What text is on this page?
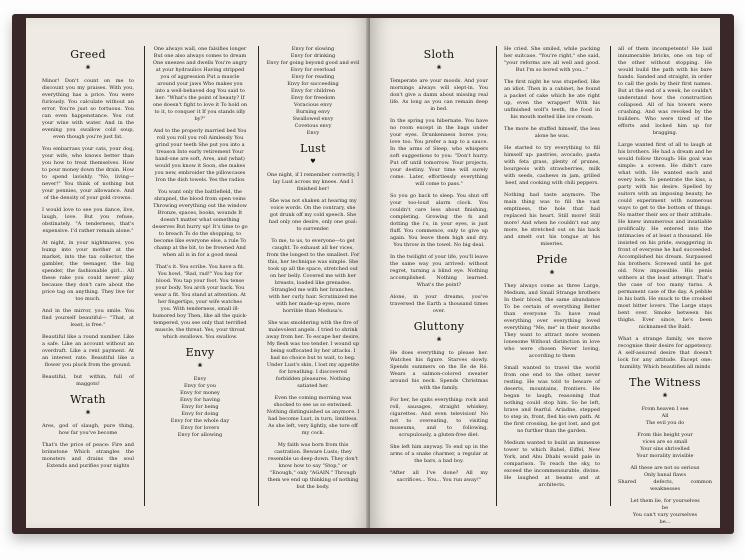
Greed
❀

Minor! Don't count on me to discount you my praises. With you, everything has a price. You were furiously. You calculate without an error. You're just so tortuous. You can even happenstance. You cut your wine with water. And in the evening you swallow cold soup, even though you're just fat.

You embarrass your cats, your dog, your wife, who knows better than you how to treat themselves. How to pour money down the drain. How to spend lavishly. "No, living—never!" You think of nothing but your pennies, your allowance. And of the density of your gold crowns.

I would love to see you dance, live, laugh, love. But you refuse, obstinately. "A tenderness, that's expensive. I'd rather remain alone."

At night, in your nightmares, you bump into your mother at the market, into the tax collector, the gambler, the teenager, the big spender, the fashionable girl... All these rake you could never play because they don't care about the price tag on anything. They live for too much.

And in the mirror, you smile. You find yourself beautiful— "That, at least, is free."

Beautiful like a round number. Like a safe. Like an account without an overdraft. Like a rent payment. At an interest rate. Beautiful like a flower you pluck from the ground.

Beautiful, but within, full of maggots!

Wrath
❀

Ares, god of slaugh, pure thing, how far you've become

That's the price of peace: Fire and brimstone Which strangles the monsters and drains the soul Extends and purifies your nights

One always wall, one falsifies longer But one also always comes to dream One sneezes and dwells You're angry at your hydraulics Having stripped you of aggression Put a muscle around your jaws Who makes you into a well-behaved dog You said to her: "What's the point of beauty? If one doesn't fight to love it To hold on to it, to conquer it If you stands idly by?"

And to the properly married bed You roll you roll you roll Aimlessly You grind your teeth She put you into a treason Into early retirement Your hand-one are soft, Ares, and (what) would you know it Soon, she makes you new, embroider the pillowcases Iron the dish towels. Yes the radios

You want only the battlefield, the shrapnel, the blood from open veins Throwing everything out the window Bronze, spaces, books, wounds It doesn't matter what something deserves But hurry up! It's time to go to breach To do the shopping, to become like everyone else, a rule To champ at the bit, to be frowned And when all is in for a good meal

That's it. You scribe. You have a fit. You howl, "Rad, rad!" You bay for blood. You tap your foot. You tense your body. You arch your back. You wear a fit. You stand at attention. At her fingertips, your wife watches you. With tenderness, small ill-humored boy Then, like all the quick-tempered, you see only that terrified muscle, the threat. Yes, your throat which swallows. You swallow.

Envy
❀

Envy
Envy for you
Envy for money
Envy for having
Envy for being
Envy for doing
Envy for the whole day
Envy for lovers
Envy for allowing

Envy for slowing
Envy for drinking
Envy for going beyond good and evil
Envy for overload
Envy for reading
Envy for succeeding
Envy for children
Envy for freedom
Voracious envy
Burning envy
Swallowed envy
Covetous envy
Envy

Lust
♥

One night, if I remember correctly, I lay Lust across my knees. And I finished her!

She was not shaken at hearing my voice words. On the contrary, she got drunk off my cold speech. She had only one desire, only one goal: to surrender.

To me, to us, to everyone—to get caught. To exhaust all her vices, from the longest to the smallest. For this, her technique was simple. She took up all the space, stretched out on her belly. Covered me with her breasts, loaded like grenades. Strangled me with her branches, with her curly hair. Scrutinized me with her made-up eyes, more horrible than Medusa's.

She was smoldering with the fire of malevolent angels. I tried to shrink away from her. To escape her desire. My flesh was too tender. I wound up being suffocated by her attacks. I had no choice but to wait, to beg. Under Lust's skin, I lost my appetite for breathing. I discovered forbidden pleasures. Nothing satiated her.

Even the coming morning was shocked to see us so entwined. Nothing distinguished us anymore. I had become Lust, in turn, limitless. As she left, very lightly, she tore off my cock.

My faith was born from this castration. Beware Lusts; they resemble us deep down. They don't know how to say "Stop," or "Enough," only "AGAIN." Through them we end up thinking of nothing but the body.

Sloth
❀

Temperate are your moods. And your mornings always will slept-in. You don't give a damn about missing real life. As long as you can remain deep in bed.

In the spring you hibernate. You have no room except in the bags under your eyes. Drunkenness bores you; love too. You prefer a nap to a sauce. In the arms of Sleep, who whispers soft suggestions to you: "Don't hurry. Put off until tomorrow. Your projects, your destiny. Your time will surely come. Later, effortlessly everything will come to pass."

So you go back to sleep. You shut off your too-loud alarm clock. You couldn't care less about finishing, completing. Growing the fs and dotting the i's, in your eyes, is just fluff. You commence, only to give up again. You leave them high and dry. You throw in the towel. No big deal.

In the twilight of your life, you'll leave the same way you arrived: without regret, turning a blind eye. Nothing accomplished. Nothing learned. What's the point?

Alone, in your dreams, you've traversed the Earth a thousand times over.

Gluttony
❀

He does everything to please her. Watches his figure. Starves slowly. Spends summers on the Ile de Ré. Wears a salmon-colored sweater around his neck. Spends Christmas with the family.

For her, he quits everything: rock and roll, sausages, straight whiskey, cigarettes. And even television! No not to overeating, to visiting museums, and to following, scrupulously, a gluten-free diet.

She left him anyway. To end up in the arms of a snake charmer, a regular at the bars, a bad boy.

"After all I've done? All my sacrifices... You... You run away!"

He cried. She smiled, while packing her suitcase. "You're right," she said, "your reforms are all well and good. But I'm so bored with you..."

The first night he was stupefied, like an idiot. Then in a cabinet, he found a packet of cake which he ate right up, even the wrapper! With his unfinished wolf's teeth, the food in his mouth melted like ice cream.

The more he stuffed himself, the less alone he was.

He started to try everything to fill himself up: pastries, avocado, pasta with feta grass, plenty of prunes, bourgeois with strawberries, milk with seeds, cashews in jam, grilled beef, and cooking with chili peppers.

Nothing had taste anymore. The main thing was to fill the vast emptiness, the hole that had replaced his heart. Still more! Still more! And when he couldn't eat any more, he stretched out on his back and smelt out his tongue at his miseries.

Pride
❀

They always come as three Large, Medium, and Small Strange brothers In their blood, the same abundance To be certain of everything Better than everyone To have read everything over everything loved everything "Me, me" in their mouths They want to attract more women lonesome Without distinction in love who were chosen Never loving, according to them

Small wanted to travel the world from one end to the other, never resting. He was told to beware of deserts, mountains, frontiers. He began to laugh, reasoning that nothing could stop him. So he left, brave and fearful. Ariadne, stepped to step in, front, fled his own path. At the first crossing, he got lost, and got no further than the garden.

Medium wanted to build an immense tower to which Babel, Eiffel, New York, and Abu Dhabi would pale in comparison. To reach the sky, to exceed the incommensurable, divine. He laughed at beams and at architects.

all of them incompetents! He laid innumerable bricks, one on top of the other without stopping. He would build the path with his bare hands. Sanded and straight, in order to call the gods by their first names. But at the end of a week, he couldn't understand how the construction collapsed. All of his towers were crushing. And was revoked by the builders. Who were tired of the efforts and locked him up for bragging.

Large wanted first of all to laugh at his brothers. He had a dream and he would follow through: His goal was simple: a screen. He didn't care what with. He wanted each and every look. To penetrate the kiss, a party with his desire. Spelled by suitors with an imposing beauty, he could experiment with numerous ways to get to the bottom of things. No matter their sex or their attitude. He knew innumerous and insatiable prolifically. He entered into the intimacies of at least a thousand. He insisted on his pride, swaggering in front of everyone he had succeeded. Accomplished his dream. Surpassed his brothers. Screwed until he got old. Now impossible. His penis withers at the least attempt. That's the case of too many turns. A permanent case of the day. A pebble in his bath. He snuck to the crooked most bitter lovers. The Large stays bent over. Smoke between his thighs. Ever since, he's been nicknamed the Bald.

What a strange family, we move recognise their desire for appetency. A self-assured desire that doesn't lock for any attitude. Except one: humility. Which beautifies all minds

The Witness
❀

From heaven I see
All
The evil you do

From this height your
vices are so small
Your sins shrivelled
Your morality invisible

All these are not so serious
Only banal flaws
Shared defects, common weaknesses

Let them lie, for yourselves
be
You can't vary yourselves
be...
